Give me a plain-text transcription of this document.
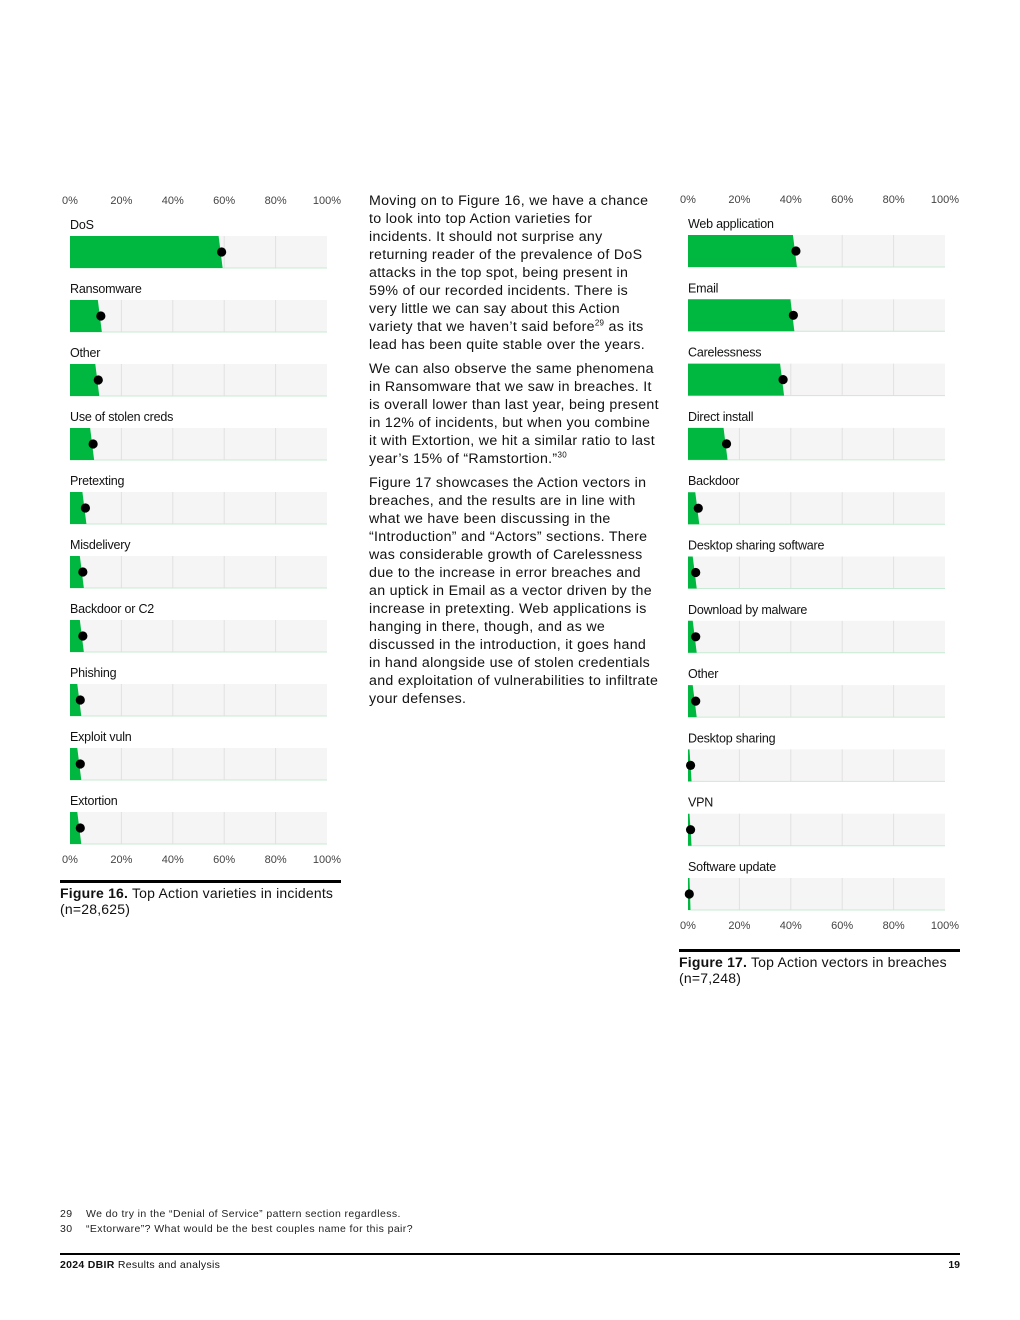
0%	20%	40%	60%	80% 100%
DoS
Ransomware
Other
Use of stolen creds
Pretexting
Misdelivery
Backdoor or C2
Phishing
Exploit vuln
Extortion
0%	20%	40%	60%	80% 100%
0%	20%	40%	60%	80% 100%
Web application
Email
Carelessness
Direct install
Backdoor
Desktop sharing software
Download by malware
Other
Desktop sharing
VPN
Software update
0%	20%	40%	60%	80% 100%
Figure 16. Top Action varieties in incidents (n=28,625)

Moving on to Figure 16, we have a chance to look into top Action varieties for incidents. It should not surprise any returning reader of the prevalence of DoS attacks in the top spot, being present in 59% of our recorded incidents. There is very little we can say about this Action variety that we haven’t said before$^{29}$ as its lead has been quite stable over the years.

We can also observe the same phenomena in Ransomware that we saw in breaches. It is overall lower than last year, being present in 12% of incidents, but when you combine it with Extortion, we hit a similar ratio to last year’s 15% of “Ramstortion.”$^{30}$

Figure 17 showcases the Action vectors in breaches, and the results are in line with what we have been discussing in the “Introduction” and “Actors” sections. There was considerable growth of Carelessness due to the increase in error breaches and an uptick in Email as a vector driven by the increase in pretexting. Web applications is hanging in there, though, and as we discussed in the introduction, it goes hand in hand alongside use of stolen credentials and exploitation of vulnerabilities to infiltrate your defenses.

Figure 17. Top Action vectors in breaches (n=7,248)
29 We do try in the “Denial of Service” pattern section regardless.
30 “Extorware”? What would be the best couples name for this pair?
2024 DBIR Results and analysis	19
